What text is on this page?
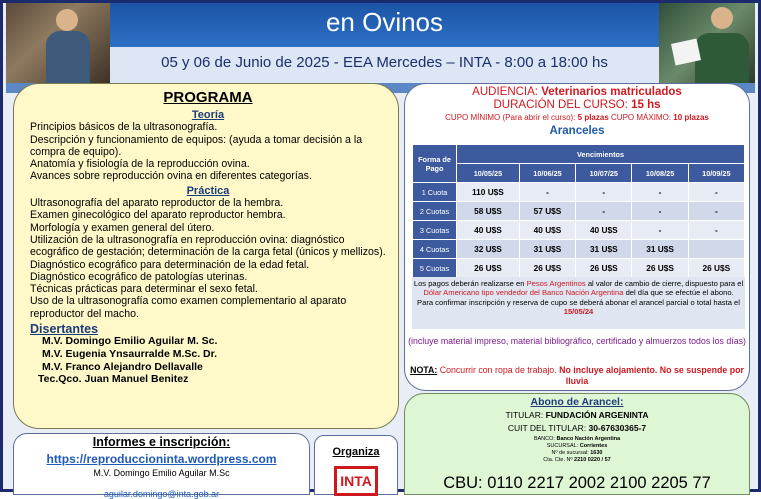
en Ovinos
05 y 06 de Junio de 2025 - EEA Mercedes – INTA - 8:00 a 18:00 hs
PROGRAMA
Teoría
Principios básicos de la ultrasonografía.
Descripción y funcionamiento de equipos: (ayuda a tomar decisión a la compra de equipo).
Anatomía y fisiología de la reproducción ovina.
Avances sobre reproducción ovina en diferentes categorías.
Práctica
Ultrasonografía del aparato reproductor de la hembra.
Examen ginecológico del aparato reproductor hembra.
Morfología y examen general del útero.
Utilización de la ultrasonografía en reproducción ovina: diagnóstico ecográfico de gestación; determinación de la carga fetal (únicos y mellizos).
Diagnóstico ecográfico para determinación de la edad fetal.
Diagnóstico ecográfico de patologías uterinas.
Técnicas prácticas para determinar el sexo fetal.
Uso de la ultrasonografía como examen complementario al aparato reproductor del macho.
Disertantes
M.V. Domingo Emilio Aguilar M. Sc.
M.V. Eugenia Ynsaurralde M.Sc. Dr.
M.V. Franco Alejandro Dellavalle
Tec.Qco. Juan Manuel Benitez
AUDIENCIA: Veterinarios matriculados
DURACIÓN DEL CURSO: 15 hs
CUPO MÍNIMO (Para abrir el curso): 5 plazas CUPO MÁXIMO: 10 plazas
Aranceles
Forma de Pago	Vencimientos				
	10/05/25	10/06/25	10/07/25	10/08/25	10/09/25
1 Cuota	110 U$S	-	-	-	-
2 Cuotas	58 U$S	57 U$S	-	-	-
3 Cuotas	40 U$S	40 U$S	40 U$S	-	-
4 Cuotas	32 U$S	31 U$S	31 U$S	31 U$S	
5 Cuotas	26 U$S	26 U$S	26 U$S	26 U$S	26 U$S
Los pagos deberán realizarse en Pesos Argentinos al valor de cambio de cierre, dispuesto para el Dólar Americano tipo vendedor del Banco Nación Argentina del día que se efectúe el abono.
Para confirmar inscripción y reserva de cupo se deberá abonar el arancel parcial o total hasta el 15/05/24
(incluye material impreso, material bibliográfico, certificado y almuerzos todos los días)
NOTA: Concurrir con ropa de trabajo. No incluye alojamiento. No se suspende por lluvia
Abono de Arancel:
TITULAR: FUNDACIÓN ARGENINTA
CUIT DEL TITULAR: 30-67630365-7
BANCO: Banco Nación Argentina
SUCURSAL: Corrientes
Nº de sucursal: 1630
Cta. Cte. Nº 2210 0220 / 57
CBU: 0110 2217 2002 2100 2205 77
Informes e inscripción:
https://reproduccioninta.wordpress.com
M.V. Domingo Emilio Aguilar M.Sc
aguilar.domingo@inta.gob.ar
Organiza
INTA
